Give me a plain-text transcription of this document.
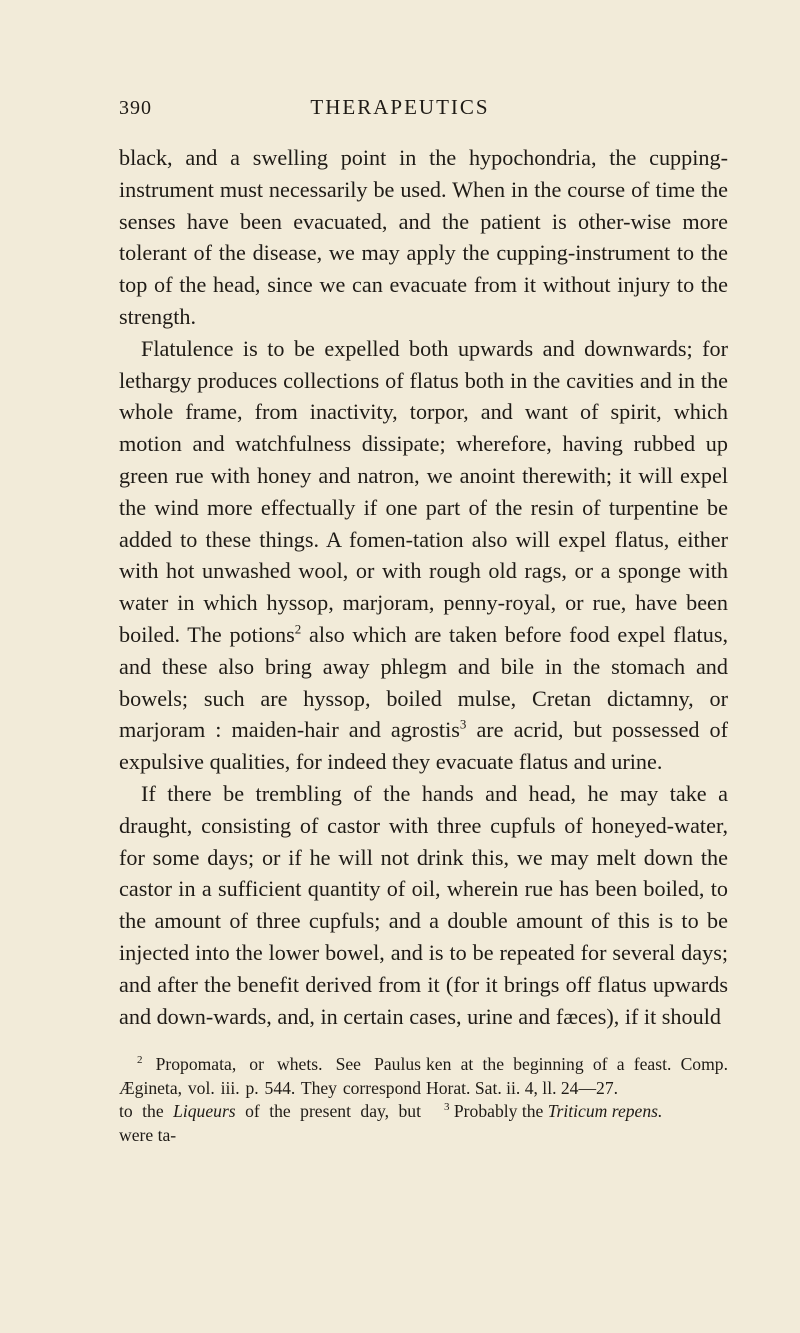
390	THERAPEUTICS

black, and a swelling point in the hypochondria, the cupping-instrument must necessarily be used. When in the course of time the senses have been evacuated, and the patient is other-wise more tolerant of the disease, we may apply the cupping-instrument to the top of the head, since we can evacuate from it without injury to the strength.

Flatulence is to be expelled both upwards and downwards; for lethargy produces collections of flatus both in the cavities and in the whole frame, from inactivity, torpor, and want of spirit, which motion and watchfulness dissipate; wherefore, having rubbed up green rue with honey and natron, we anoint therewith; it will expel the wind more effectually if one part of the resin of turpentine be added to these things. A fomen-tation also will expel flatus, either with hot unwashed wool, or with rough old rags, or a sponge with water in which hyssop, marjoram, penny-royal, or rue, have been boiled. The potions$^2$ also which are taken before food expel flatus, and these also bring away phlegm and bile in the stomach and bowels; such are hyssop, boiled mulse, Cretan dictamny, or marjoram : maiden-hair and agrostis$^3$ are acrid, but possessed of expulsive qualities, for indeed they evacuate flatus and urine.

If there be trembling of the hands and head, he may take a draught, consisting of castor with three cupfuls of honeyed-water, for some days; or if he will not drink this, we may melt down the castor in a sufficient quantity of oil, wherein rue has been boiled, to the amount of three cupfuls; and a double amount of this is to be injected into the lower bowel, and is to be repeated for several days; and after the benefit derived from it (for it brings off flatus upwards and down-wards, and, in certain cases, urine and fæces), if it should

$^2$ Propomata, or whets. See Paulus Ægineta, vol. iii. p. 544. They correspond to the Liqueurs of the present day, but were ta-

ken at the beginning of a feast. Comp. Horat. Sat. ii. 4, ll. 24—27.

$^3$ Probably the Triticum repens.
